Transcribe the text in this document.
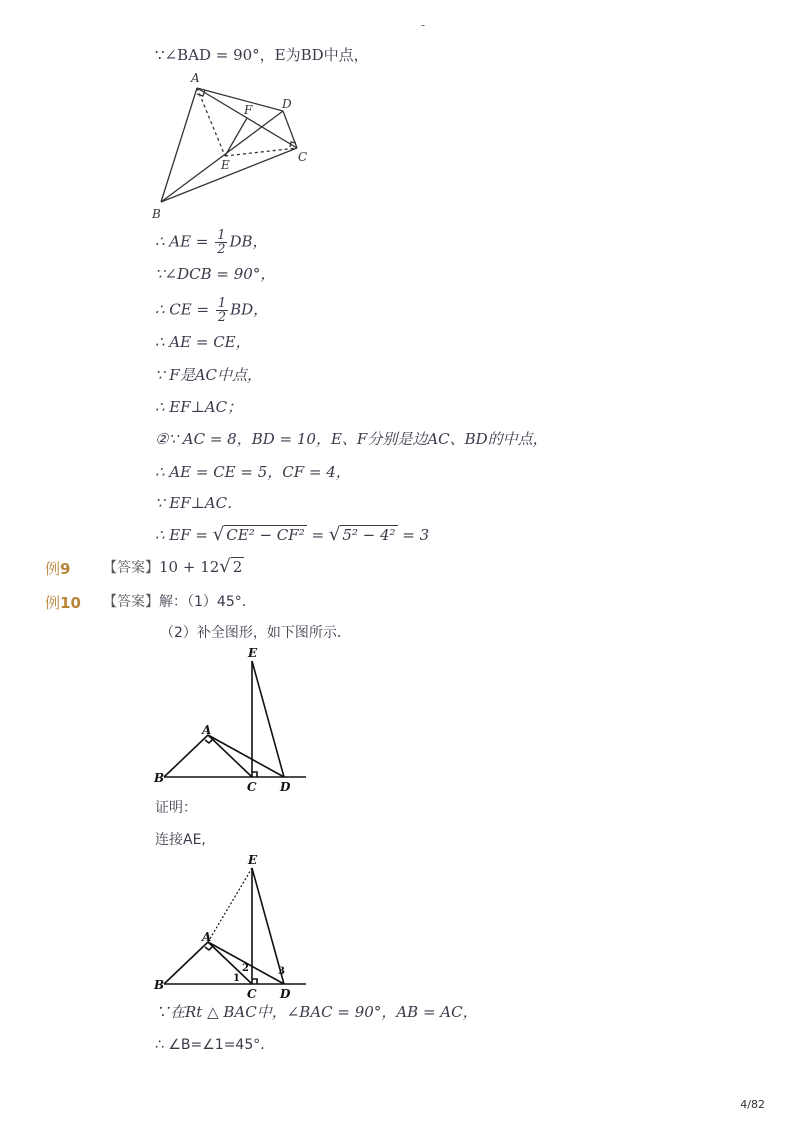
-
∵∠BAD = 90°，E为BD中点，
A
B
C
D
E
F
∴ AE = $\frac{1}{2}$ DB，
∵∠DCB = 90°，
∴ CE = $\frac{1}{2}$ BD，
∴ AE = CE，
∵ F是AC中点，
∴ EF⊥AC；
②∵ AC = 8，BD = 10，E、F分别是边AC、BD的中点，
∴ AE = CE = 5，CF = 4，
∵ EF⊥AC．
∴ EF = √ CE² − CF² = √ 5² − 4² = 3
例9 【答案】10 + 12√ 2
例10 【答案】解：（1）45°．
（2）补全图形，如下图所示．
E
A
B
C D
证明：
连接AE,
E
A
B
C D
1
2	3
∵在Rt △ BAC中，∠BAC = 90°，AB = AC，
∴ ∠B=∠1=45°．
4/82
